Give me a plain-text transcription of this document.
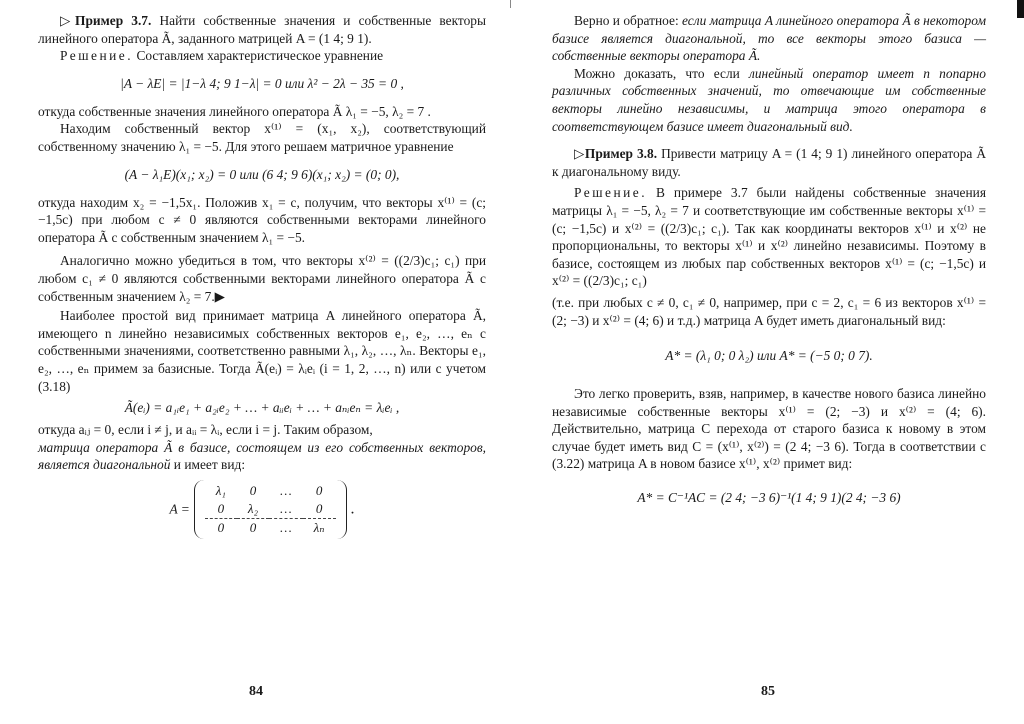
▷Пример 3.7. Найти собственные значения и собственные векторы линейного оператора Ã, заданного матрицей A = (1 4; 9 1).

Решение. Составляем характеристическое уравнение

|A − λE| = |1−λ 4; 9 1−λ| = 0 или λ² − 2λ − 35 = 0 ,

откуда собственные значения линейного оператора Ã λ₁ = −5, λ₂ = 7 .

Находим собственный вектор x⁽¹⁾ = (x₁, x₂), соответствующий собственному значению λ₁ = −5. Для этого решаем матричное уравнение

(A − λ₁E)(x₁; x₂) = 0 или (6 4; 9 6)(x₁; x₂) = (0; 0),

откуда находим x₂ = −1,5x₁. Положив x₁ = c, получим, что векторы x⁽¹⁾ = (c; −1,5c) при любом c ≠ 0 являются собственными векторами линейного оператора Ã с собственным значением λ₁ = −5.

Аналогично можно убедиться в том, что векторы x⁽²⁾ = ((2/3)c₁; c₁) при любом c₁ ≠ 0 являются собственными векторами линейного оператора Ã с собственным значением λ₂ = 7.▶

Наиболее простой вид принимает матрица A линейного оператора Ã, имеющего n линейно независимых собственных векторов e₁, e₂, …, eₙ с собственными значениями, соответственно равными λ₁, λ₂, …, λₙ. Векторы e₁, e₂, …, eₙ примем за базисные. Тогда Ã(eᵢ) = λᵢeᵢ (i = 1, 2, …, n) или с учетом (3.18)

Ã(eᵢ) = a₁ᵢe₁ + a₂ᵢe₂ + … + aᵢᵢeᵢ + … + aₙᵢeₙ = λᵢeᵢ ,

откуда aᵢⱼ = 0, если i ≠ j, и aᵢᵢ = λᵢ, если i = j. Таким образом,

матрица оператора Ã в базисе, состоящем из его собственных векторов, является диагональной и имеет вид:

A =
λ₁	0	…	0
0	λ₂	…	0
0	0	…	λₙ
.
84

Верно и обратное: если матрица A линейного оператора Ã в некотором базисе является диагональной, то все векторы этого базиса — собственные векторы оператора Ã.

Можно доказать, что если линейный оператор имеет n попарно различных собственных значений, то отвечающие им собственные векторы линейно независимы, и матрица этого оператора в соответствующем базисе имеет диагональный вид.

▷Пример 3.8. Привести матрицу A = (1 4; 9 1) линейного оператора Ã к диагональному виду.

Решение. В примере 3.7 были найдены собственные значения матрицы λ₁ = −5, λ₂ = 7 и соответствующие им собственные векторы x⁽¹⁾ = (c; −1,5c) и x⁽²⁾ = ((2/3)c₁; c₁). Так как координаты векторов x⁽¹⁾ и x⁽²⁾ не пропорциональны, то векторы x⁽¹⁾ и x⁽²⁾ линейно независимы. Поэтому в базисе, состоящем из любых пар собственных векторов x⁽¹⁾ = (c; −1,5c) и x⁽²⁾ = ((2/3)c₁; c₁)

(т.е. при любых c ≠ 0, c₁ ≠ 0, например, при c = 2, c₁ = 6 из векторов x⁽¹⁾ = (2; −3) и x⁽²⁾ = (4; 6) и т.д.) матрица A будет иметь диагональный вид:

A* = (λ₁ 0; 0 λ₂) или A* = (−5 0; 0 7).

Это легко проверить, взяв, например, в качестве нового базиса линейно независимые собственные векторы x⁽¹⁾ = (2; −3) и x⁽²⁾ = (4; 6). Действительно, матрица C перехода от старого базиса к новому в этом случае будет иметь вид C = (x⁽¹⁾, x⁽²⁾) = (2 4; −3 6). Тогда в соответствии с (3.22) матрица A в новом базисе x⁽¹⁾, x⁽²⁾ примет вид:

A* = C⁻¹AC = (2 4; −3 6)⁻¹(1 4; 9 1)(2 4; −3 6)
85
